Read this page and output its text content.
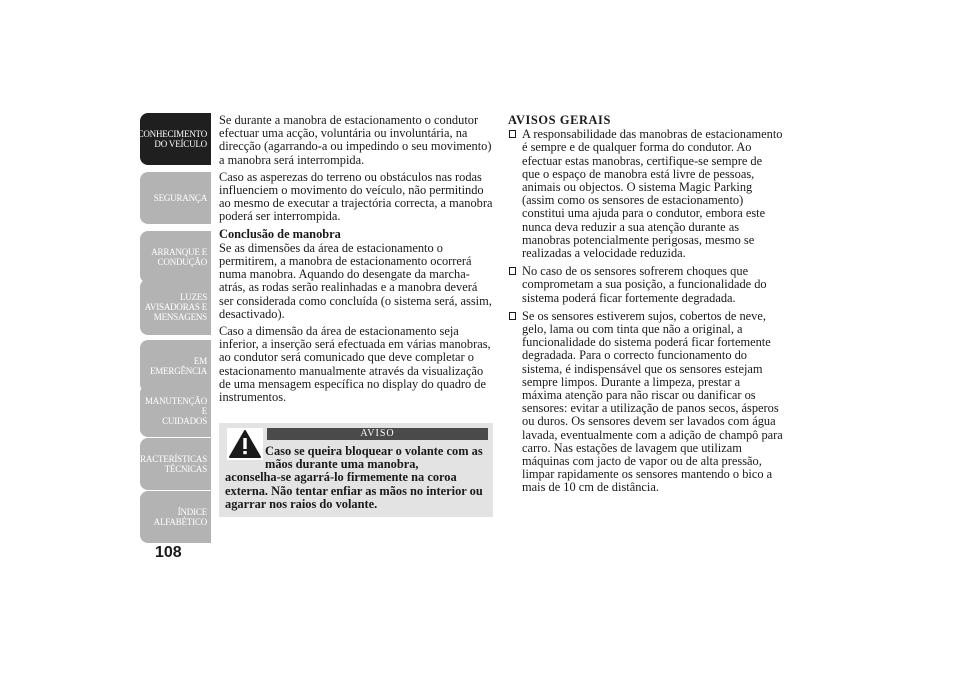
CONHECIMENTO
DO VEÍCULO
SEGURANÇA
ARRANQUE E
CONDUÇÃO
LUZES
AVISADORAS E
MENSAGENS
EM EMERGÊNCIA
MANUTENÇÃO E
CUIDADOS
CARACTERÍSTICAS
TÉCNICAS
ÍNDICE
ALFABÉTICO
108

Se durante a manobra de estacionamento o condutor efectuar uma acção, voluntária ou involuntária, na direcção (agarrando-a ou impedindo o seu movimento) a manobra será interrompida.

Caso as asperezas do terreno ou obstáculos nas rodas influenciem o movimento do veículo, não permitindo ao mesmo de executar a trajectória correcta, a manobra poderá ser interrompida.

Conclusão de manobra

Se as dimensões da área de estacionamento o permitirem, a manobra de estacionamento ocorrerá numa manobra. Aquando do desengate da marcha-atrás, as rodas serão realinhadas e a manobra deverá ser considerada como concluída (o sistema será, assim, desactivado).

Caso a dimensão da área de estacionamento seja inferior, a inserção será efectuada em várias manobras, ao condutor será comunicado que deve completar o estacionamento manualmente através da visualização de uma mensagem específica no display do quadro de instrumentos.

AVISO
Caso se queira bloquear o volante com as mãos durante uma manobra,
aconselha-se agarrá-lo firmemente na coroa externa. Não tentar enfiar as mãos no interior ou agarrar nos raios do volante.
AVISOS GERAIS
A responsabilidade das manobras de estacionamento é sempre e de qualquer forma do condutor. Ao efectuar estas manobras, certifique-se sempre de que o espaço de manobra está livre de pessoas, animais ou objectos. O sistema Magic Parking (assim como os sensores de estacionamento) constitui uma ajuda para o condutor, embora este nunca deva reduzir a sua atenção durante as manobras potencialmente perigosas, mesmo se realizadas a velocidade reduzida.
No caso de os sensores sofrerem choques que comprometam a sua posição, a funcionalidade do sistema poderá ficar fortemente degradada.
Se os sensores estiverem sujos, cobertos de neve, gelo, lama ou com tinta que não a original, a funcionalidade do sistema poderá ficar fortemente degradada. Para o correcto funcionamento do sistema, é indispensável que os sensores estejam sempre limpos. Durante a limpeza, prestar a máxima atenção para não riscar ou danificar os sensores: evitar a utilização de panos secos, ásperos ou duros. Os sensores devem ser lavados com água lavada, eventualmente com a adição de champô para carro. Nas estações de lavagem que utilizam máquinas com jacto de vapor ou de alta pressão, limpar rapidamente os sensores mantendo o bico a mais de 10 cm de distância.
